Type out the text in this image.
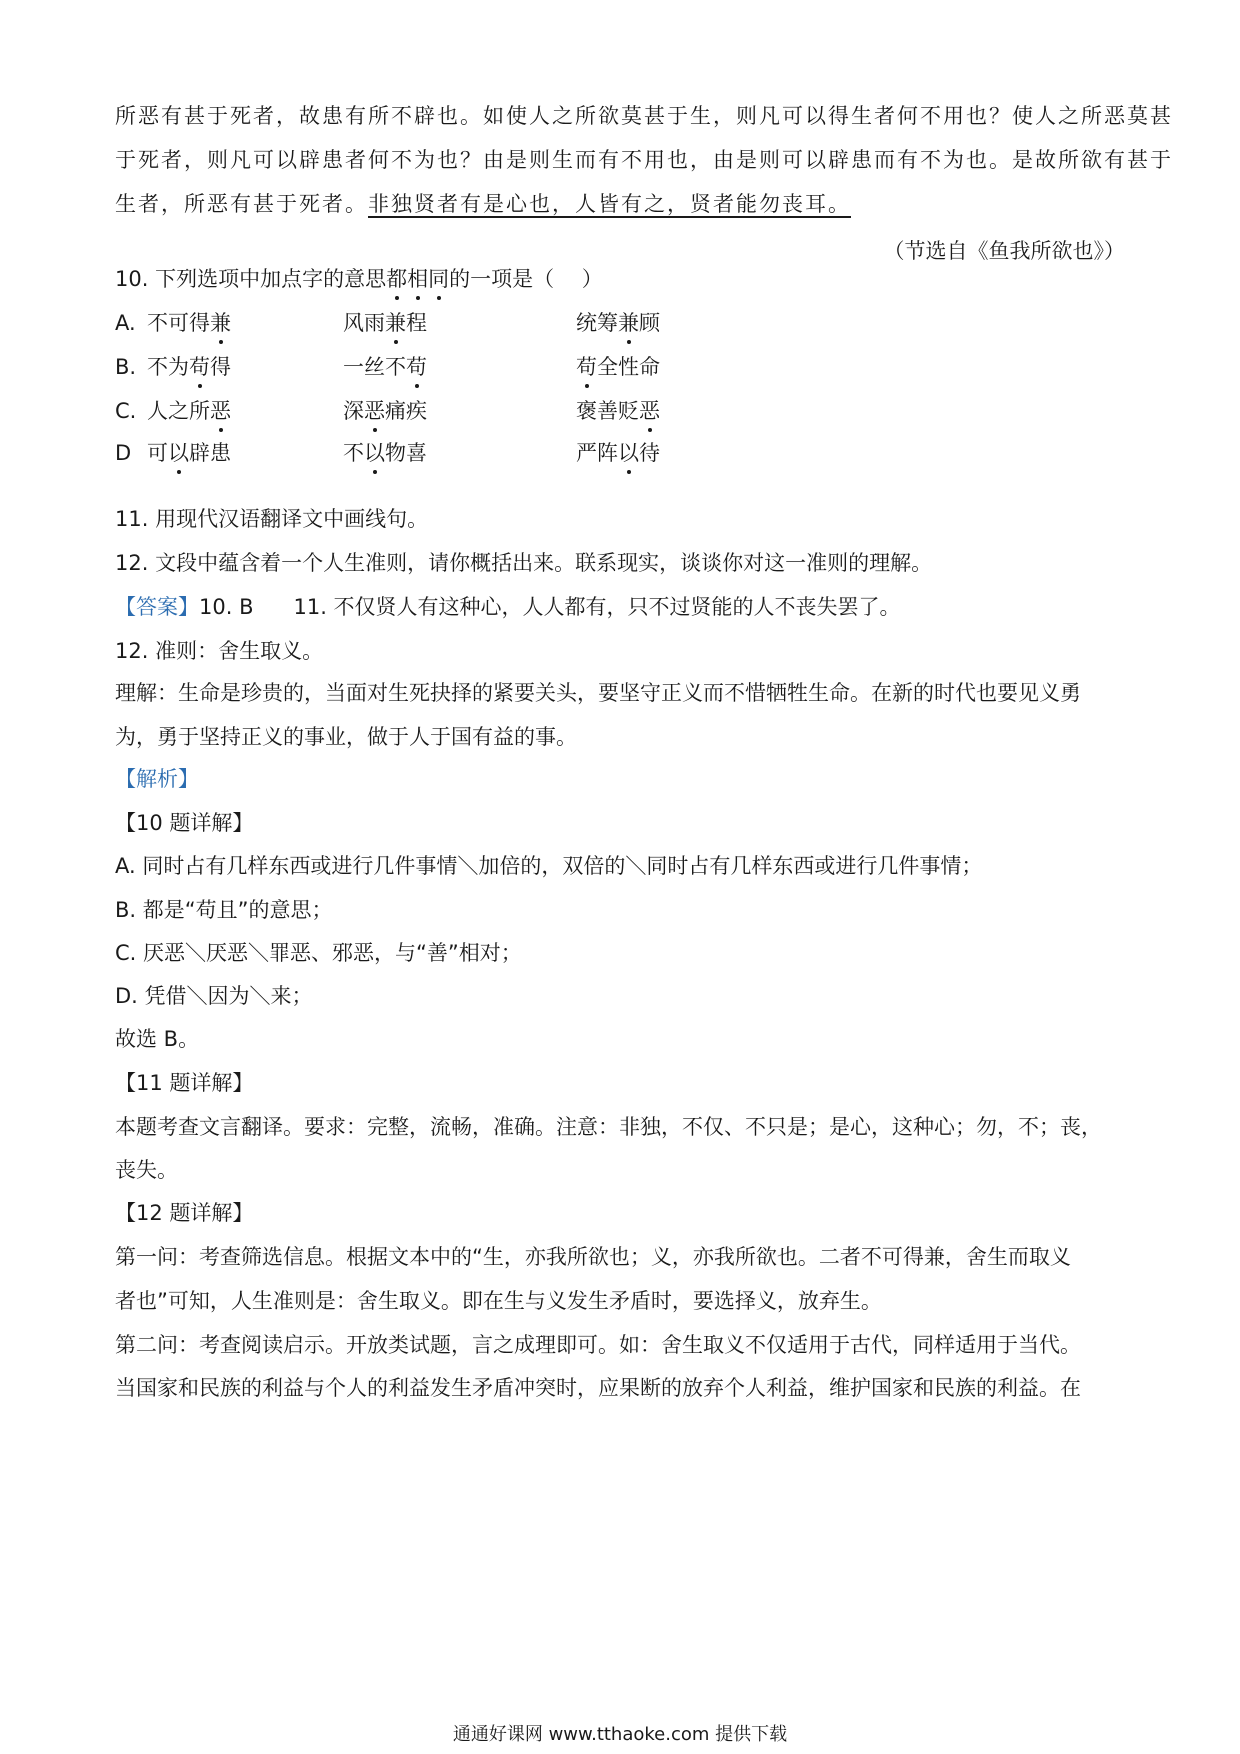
所恶有甚于死者，故患有所不辟也。如使人之所欲莫甚于生，则凡可以得生者何不用也？使人之所恶莫甚
于死者，则凡可以辟患者何不为也？由是则生而有不用也，由是则可以辟患而有不为也。是故所欲有甚于
生者，所恶有甚于死者。非独贤者有是心也，人皆有之，贤者能勿丧耳。
（节选自《鱼我所欲也》）
10. 下列选项中加点字的意思都相同的一项是（　 ）
A. 不可得兼	风雨兼程	统筹兼顾
B. 不为苟得	一丝不苟	苟全性命
C. 人之所恶	深恶痛疾	褒善贬恶
D 可以辟患	不以物喜	严阵以待
11. 用现代汉语翻译文中画线句。
12. 文段中蕴含着一个人生准则，请你概括出来。联系现实，谈谈你对这一准则的理解。
【答案】10. B 11. 不仅贤人有这种心，人人都有，只不过贤能的人不丧失罢了。
12. 准则：舍生取义。
理解：生命是珍贵的，当面对生死抉择的紧要关头，要坚守正义而不惜牺牲生命。在新的时代也要见义勇
为，勇于坚持正义的事业，做于人于国有益的事。
【解析】
【10 题详解】
A. 同时占有几样东西或进行几件事情＼加倍的，双倍的＼同时占有几样东西或进行几件事情；
B. 都是“苟且”的意思；
C. 厌恶＼厌恶＼罪恶、邪恶，与“善”相对；
D. 凭借＼因为＼来；
故选 B。
【11 题详解】
本题考查文言翻译。要求：完整，流畅，准确。注意：非独，不仅、不只是；是心，这种心；勿，不；丧，
丧失。
【12 题详解】
第一问：考查筛选信息。根据文本中的“生，亦我所欲也；义，亦我所欲也。二者不可得兼，舍生而取义
者也”可知，人生准则是：舍生取义。即在生与义发生矛盾时，要选择义，放弃生。
第二问：考查阅读启示。开放类试题，言之成理即可。如：舍生取义不仅适用于古代，同样适用于当代。
当国家和民族的利益与个人的利益发生矛盾冲突时，应果断的放弃个人利益，维护国家和民族的利益。在
通通好课网 www.tthaoke.com 提供下载
